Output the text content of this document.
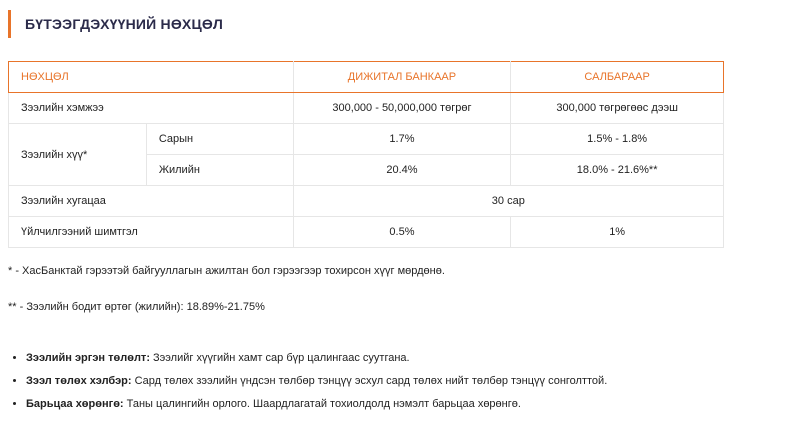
БҮТЭЭГДЭХҮҮНИЙ НӨХЦӨЛ
НӨХЦӨЛ		ДИЖИТАЛ БАНКААР	САЛБАРААР
Зээлийн хэмжээ		300,000 - 50,000,000 төгрөг	300,000 төгрөгөөс дээш
Зээлийн хүү*	Сарын	1.7%	1.5% - 1.8%
	Жилийн	20.4%	18.0% - 21.6%**
Зээлийн хугацаа		30 сар	
Үйлчилгээний шимтгэл		0.5%	1%
* - ХасБанктай гэрээтэй байгууллагын ажилтан бол гэрээгээр тохирсон хүүг мөрдөнө.
** - Зээлийн бодит өртөг (жилийн): 18.89%-21.75%
• Зээлийн эргэн төлөлт: Зээлийг хүүгийн хамт сар бүр цалингаас суутгана.
• Зээл төлөх хэлбэр: Сард төлөх зээлийн үндсэн төлбөр тэнцүү эсхул сард төлөх нийт төлбөр тэнцүү сонголттой.
• Барьцаа хөрөнгө: Таны цалингийн орлого. Шаардлагатай тохиолдолд нэмэлт барьцаа хөрөнгө.
